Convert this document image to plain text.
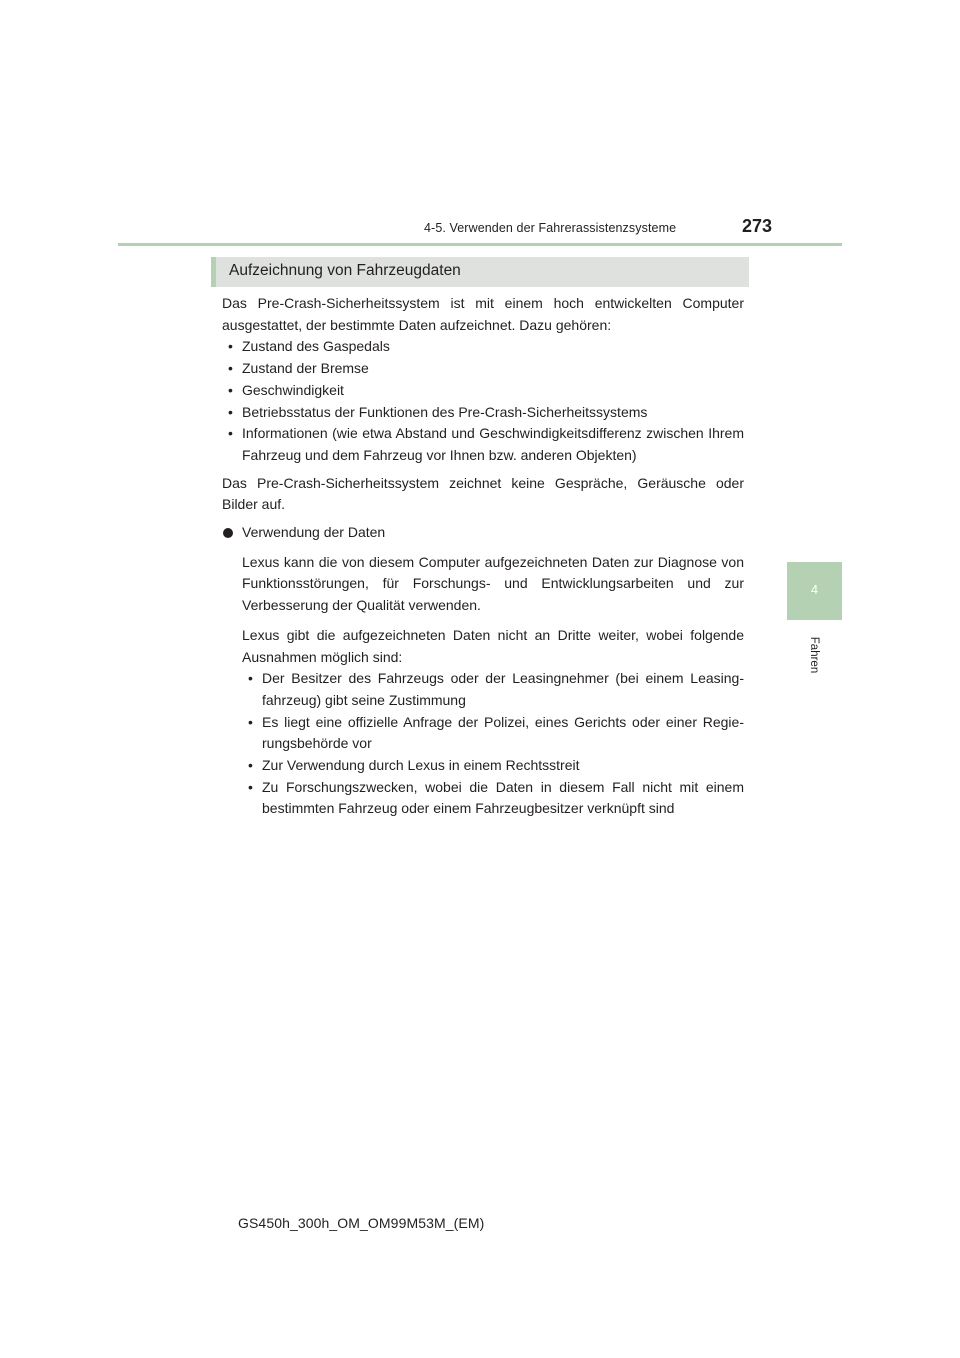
4-5. Verwenden der Fahrerassistenzsysteme	273
4
Fahren
Aufzeichnung von Fahrzeugdaten

Das Pre-Crash-Sicherheitssystem ist mit einem hoch entwickelten Computer ausgestattet, der bestimmte Daten aufzeichnet. Dazu gehören:

• Zustand des Gaspedals
• Zustand der Bremse
• Geschwindigkeit
• Betriebsstatus der Funktionen des Pre-Crash-Sicherheitssystems
• Informationen (wie etwa Abstand und Geschwindigkeitsdifferenz zwischen Ihrem Fahrzeug und dem Fahrzeug vor Ihnen bzw. anderen Objekten)

Das Pre-Crash-Sicherheitssystem zeichnet keine Gespräche, Geräusche oder Bilder auf.

Verwendung der Daten

Lexus kann die von diesem Computer aufgezeichneten Daten zur Diagnose von Funktionsstörungen, für Forschungs- und Entwicklungsarbeiten und zur Verbesserung der Qualität verwenden.

Lexus gibt die aufgezeichneten Daten nicht an Dritte weiter, wobei folgende Ausnahmen möglich sind:

• Der Besitzer des Fahrzeugs oder der Leasingnehmer (bei einem Leasing-fahrzeug) gibt seine Zustimmung
• Es liegt eine offizielle Anfrage der Polizei, eines Gerichts oder einer Regie-rungsbehörde vor
• Zur Verwendung durch Lexus in einem Rechtsstreit
• Zu Forschungszwecken, wobei die Daten in diesem Fall nicht mit einem bestimmten Fahrzeug oder einem Fahrzeugbesitzer verknüpft sind
GS450h_300h_OM_OM99M53M_(EM)
